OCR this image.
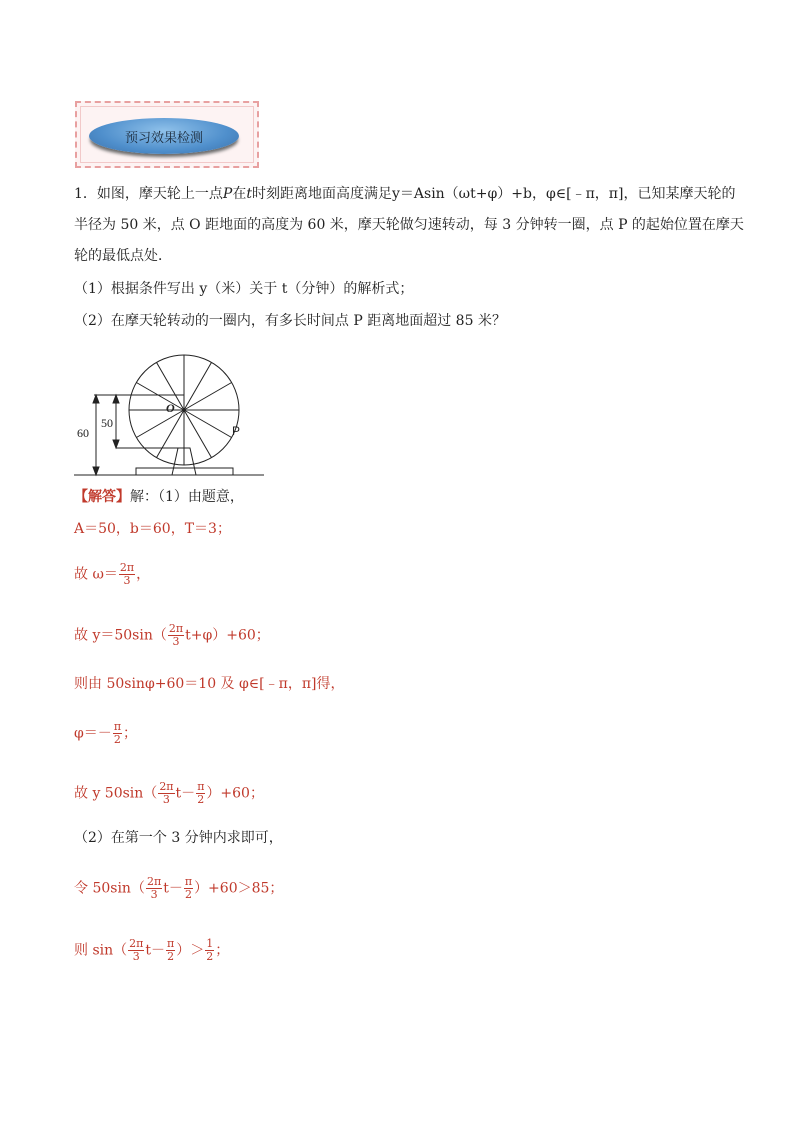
预习效果检测
1．如图，摩天轮上一点P在t时刻距离地面高度满足y＝Asin（ωt+φ）+b，φ∈[﹣π，π]，已知某摩天轮的
半径为 50 米，点 O 距地面的高度为 60 米，摩天轮做匀速转动，每 3 分钟转一圈，点 P 的起始位置在摩天
轮的最低点处．
（1）根据条件写出 y（米）关于 t（分钟）的解析式；
（2）在摩天轮转动的一圈内，有多长时间点 P 距离地面超过 85 米？
60
50
O
P
【解答】解：（1）由题意，
A＝50，b＝60，T＝3；
故 $\omega= \frac{2\pi}{3}$ ，
故 $y=50\sin( \frac{2\pi}{3} t+\varphi)+60$；
则由 50sinφ+60＝10 及 φ∈[﹣π，π]得，
$\varphi=- \frac{\pi}{2}$ ；
故 y $50\sin( \frac{2\pi}{3} t- \frac{\pi}{2} )+60$；
（2）在第一个 3 分钟内求即可，
令 $50\sin( \frac{2\pi}{3} t- \frac{\pi}{2} )+60>85$；
则 $\sin( \frac{2\pi}{3} t- \frac{\pi}{2}$ ）＞ $\frac{1}{2}$ ；
